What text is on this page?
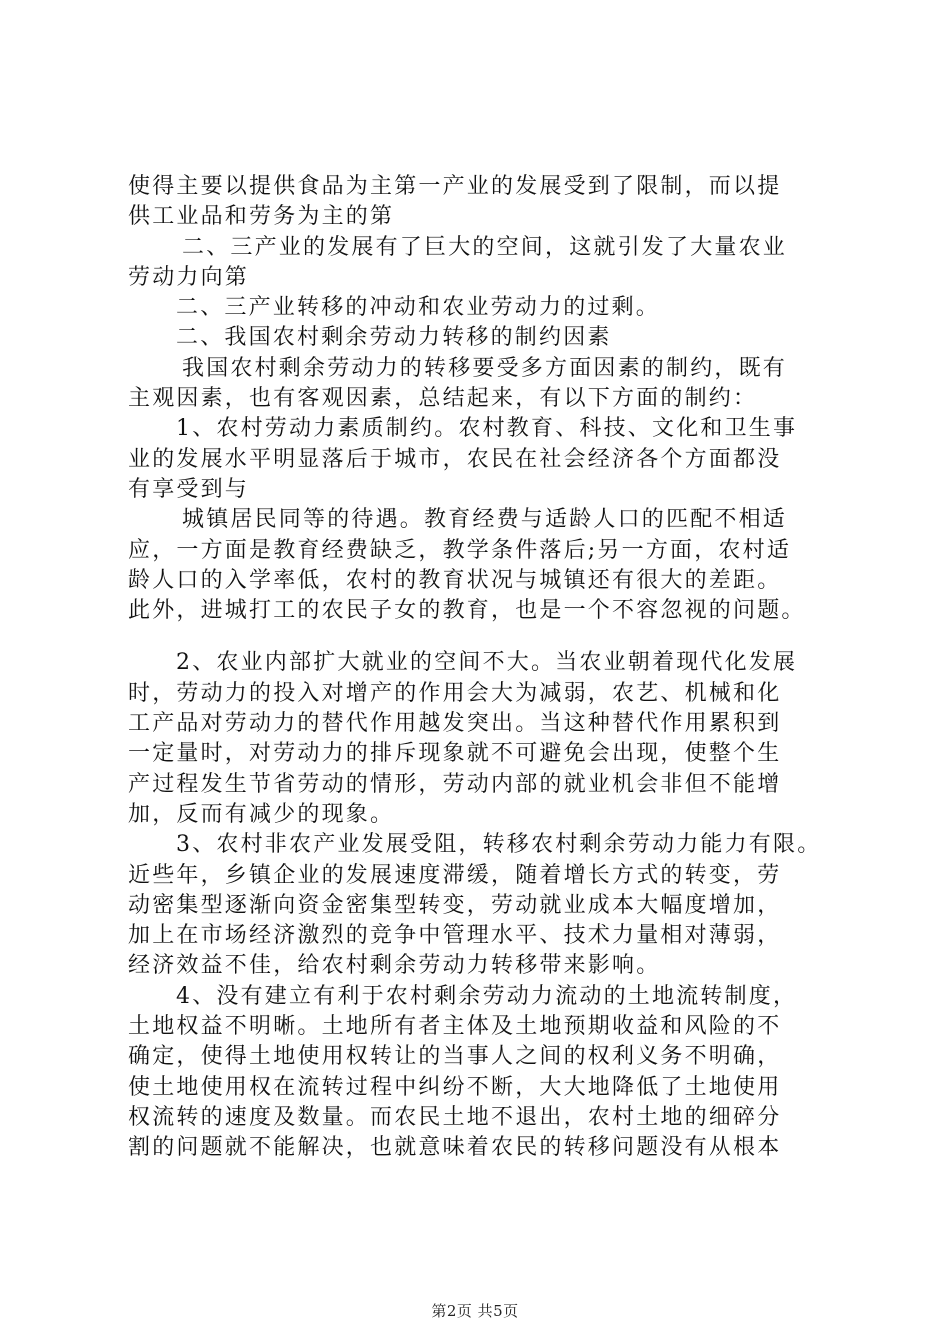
使得主要以提供食品为主第一产业的发展受到了限制，而以提
供工业品和劳务为主的第
二、三产业的发展有了巨大的空间，这就引发了大量农业
劳动力向第
二、三产业转移的冲动和农业劳动力的过剩。
二、我国农村剩余劳动力转移的制约因素
我国农村剩余劳动力的转移要受多方面因素的制约，既有
主观因素，也有客观因素，总结起来，有以下方面的制约：
1、农村劳动力素质制约。农村教育、科技、文化和卫生事
业的发展水平明显落后于城市，农民在社会经济各个方面都没
有享受到与
城镇居民同等的待遇。教育经费与适龄人口的匹配不相适
应，一方面是教育经费缺乏，教学条件落后;另一方面，农村适
龄人口的入学率低，农村的教育状况与城镇还有很大的差距。
此外，进城打工的农民子女的教育，也是一个不容忽视的问题。
2、农业内部扩大就业的空间不大。当农业朝着现代化发展
时，劳动力的投入对增产的作用会大为减弱，农艺、机械和化
工产品对劳动力的替代作用越发突出。当这种替代作用累积到
一定量时，对劳动力的排斥现象就不可避免会出现，使整个生
产过程发生节省劳动的情形，劳动内部的就业机会非但不能增
加，反而有减少的现象。
3、农村非农产业发展受阻，转移农村剩余劳动力能力有限。
近些年，乡镇企业的发展速度滞缓，随着增长方式的转变，劳
动密集型逐渐向资金密集型转变，劳动就业成本大幅度增加，
加上在市场经济激烈的竞争中管理水平、技术力量相对薄弱，
经济效益不佳，给农村剩余劳动力转移带来影响。
4、没有建立有利于农村剩余劳动力流动的土地流转制度，
土地权益不明晰。土地所有者主体及土地预期收益和风险的不
确定，使得土地使用权转让的当事人之间的权利义务不明确，
使土地使用权在流转过程中纠纷不断，大大地降低了土地使用
权流转的速度及数量。而农民土地不退出，农村土地的细碎分
割的问题就不能解决，也就意味着农民的转移问题没有从根本
第2页 共5页
